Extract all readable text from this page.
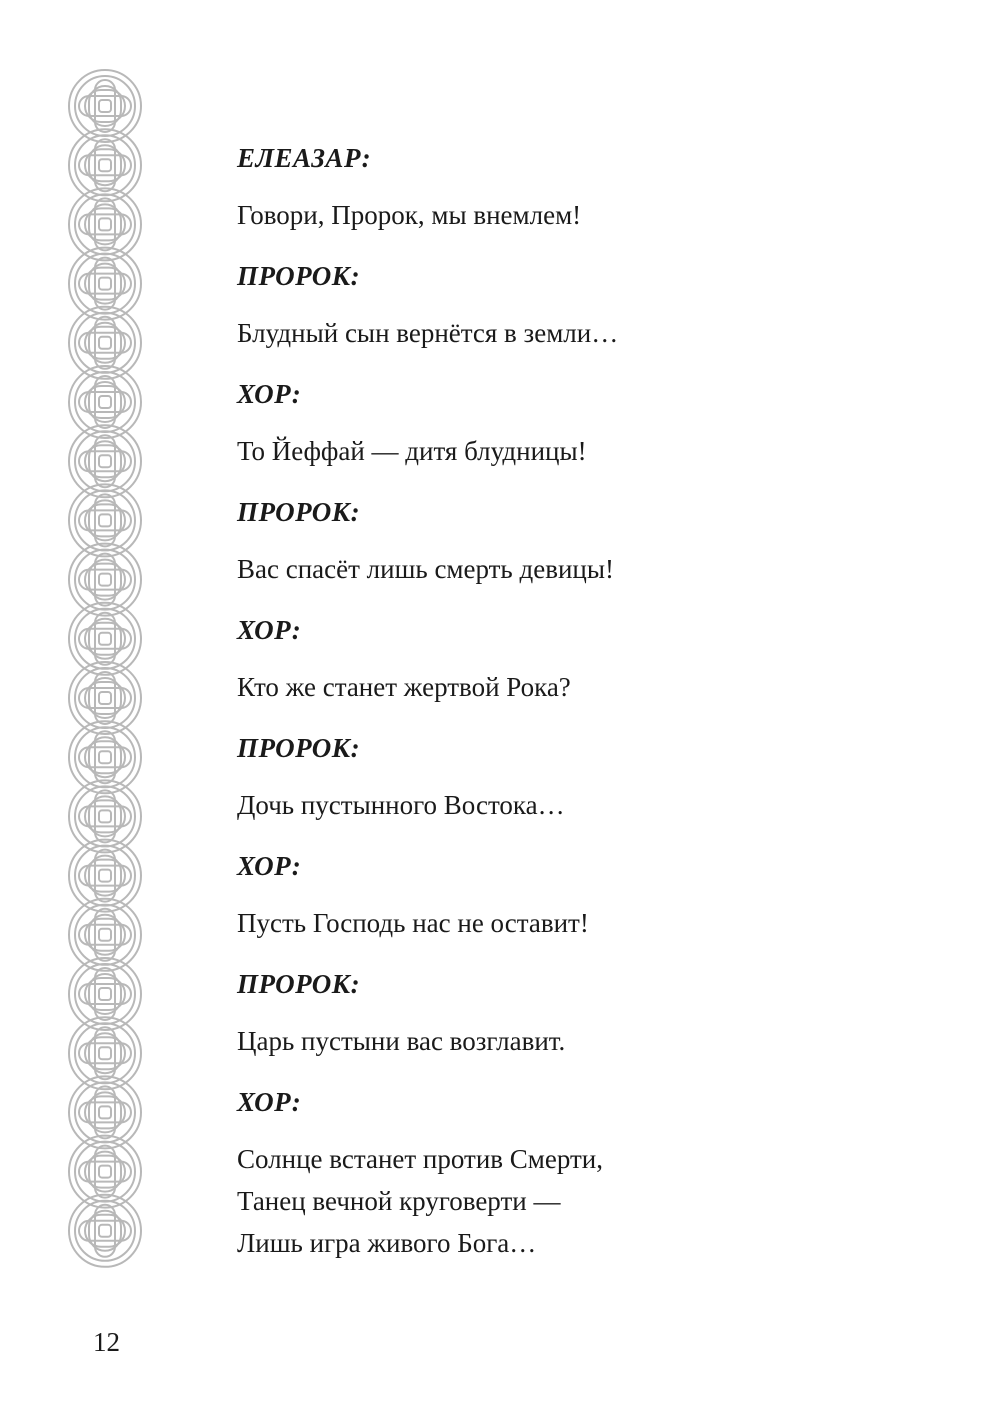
ЕЛЕАЗАР:
Говори, Пророк, мы внемлем!
ПРОРОК:
Блудный сын вернётся в земли…
ХОР:
То Йеффай — дитя блудницы!
ПРОРОК:
Вас спасёт лишь смерть девицы!
ХОР:
Кто же станет жертвой Рока?
ПРОРОК:
Дочь пустынного Востока…
ХОР:
Пусть Господь нас не оставит!
ПРОРОК:
Царь пустыни вас возглавит.
ХОР:
Солнце встанет против Смерти,
Танец вечной круговерти —
Лишь игра живого Бога…
12
